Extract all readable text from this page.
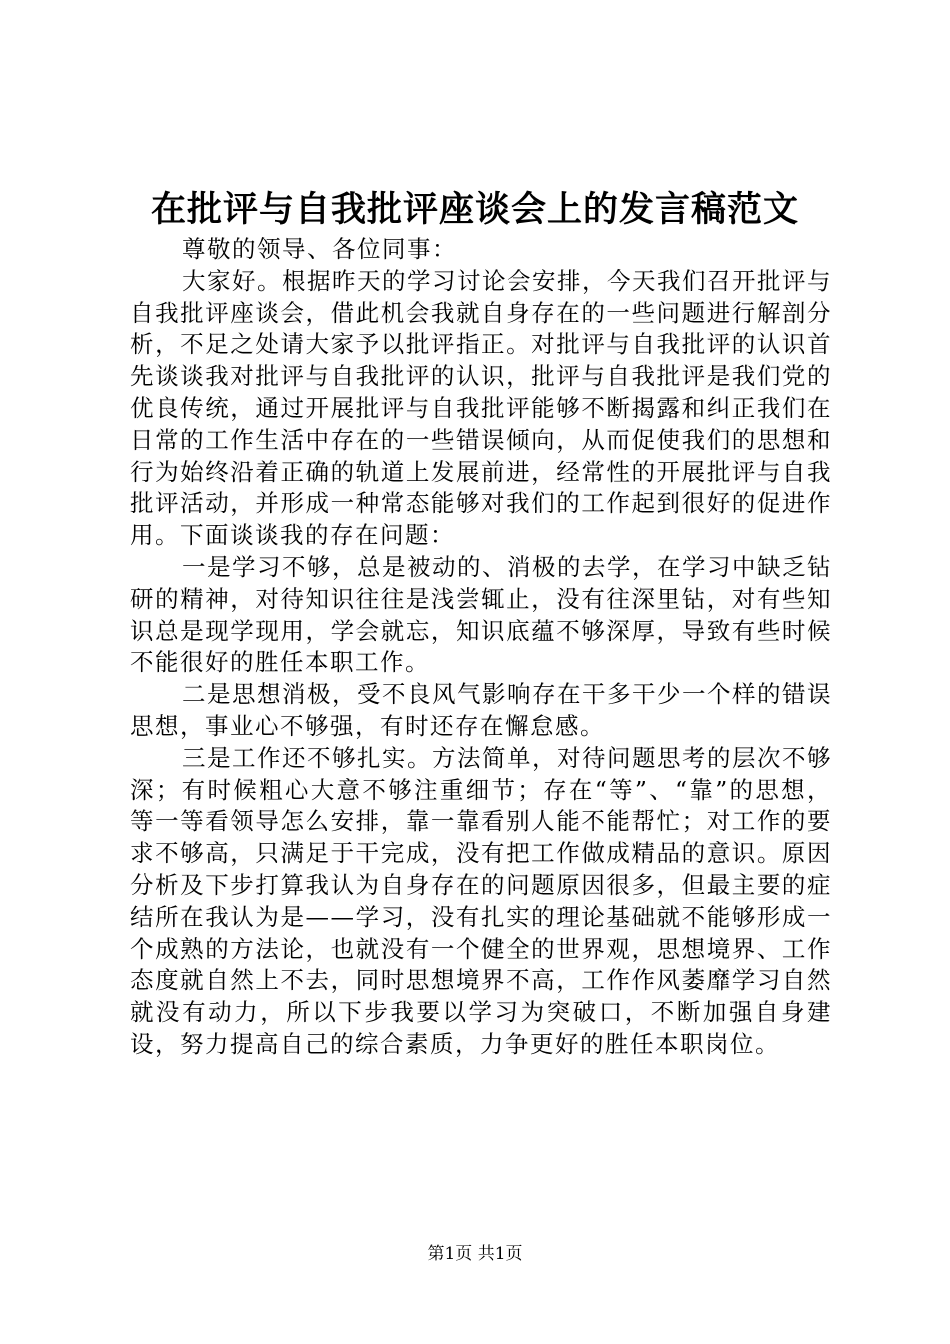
在批评与自我批评座谈会上的发言稿范文

尊敬的领导、各位同事：

大家好。根据昨天的学习讨论会安排，今天我们召开批评与自我批评座谈会，借此机会我就自身存在的一些问题进行解剖分析，不足之处请大家予以批评指正。对批评与自我批评的认识首先谈谈我对批评与自我批评的认识，批评与自我批评是我们党的优良传统，通过开展批评与自我批评能够不断揭露和纠正我们在日常的工作生活中存在的一些错误倾向，从而促使我们的思想和行为始终沿着正确的轨道上发展前进，经常性的开展批评与自我批评活动，并形成一种常态能够对我们的工作起到很好的促进作用。下面谈谈我的存在问题：

一是学习不够，总是被动的、消极的去学，在学习中缺乏钻研的精神，对待知识往往是浅尝辄止，没有往深里钻，对有些知识总是现学现用，学会就忘，知识底蕴不够深厚，导致有些时候不能很好的胜任本职工作。

二是思想消极，受不良风气影响存在干多干少一个样的错误思想，事业心不够强，有时还存在懈怠感。

三是工作还不够扎实。方法简单，对待问题思考的层次不够深；有时候粗心大意不够注重细节；存在“等”、“靠”的思想，等一等看领导怎么安排，靠一靠看别人能不能帮忙；对工作的要求不够高，只满足于干完成，没有把工作做成精品的意识。原因分析及下步打算我认为自身存在的问题原因很多，但最主要的症结所在我认为是——学习，没有扎实的理论基础就不能够形成一个成熟的方法论，也就没有一个健全的世界观，思想境界、工作态度就自然上不去，同时思想境界不高，工作作风萎靡学习自然就没有动力，所以下步我要以学习为突破口，不断加强自身建设，努力提高自己的综合素质，力争更好的胜任本职岗位。

第1页 共1页
